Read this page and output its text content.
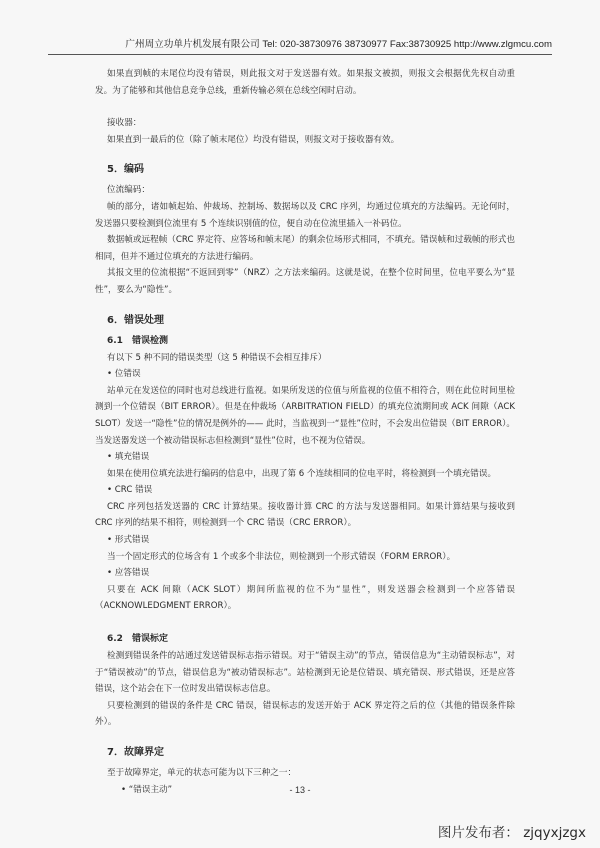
广州周立功单片机发展有限公司 Tel: 020-38730976 38730977 Fax:38730925 http://www.zlgmcu.com

如果直到帧的末尾位均没有错误，则此报文对于发送器有效。如果报文被损，则报文会根据优先权自动重发。为了能够和其他信息竞争总线，重新传输必须在总线空闲时启动。

接收器：

如果直到一最后的位（除了帧末尾位）均没有错误，则报文对于接收器有效。

5．编码

位流编码：

帧的部分，诸如帧起始、仲裁场、控制场、数据场以及 CRC 序列，均通过位填充的方法编码。无论何时，发送器只要检测到位流里有 5 个连续识别值的位，便自动在位流里插入一补码位。

数据帧或远程帧（CRC 界定符、应答场和帧末尾）的剩余位场形式相同，不填充。错误帧和过载帧的形式也相同，但并不通过位填充的方法进行编码。

其报文里的位流根据“不返回到零”（NRZ）之方法来编码。这就是说，在整个位时间里，位电平要么为“显性”，要么为“隐性”。

6．错误处理
6.1　错误检测

有以下 5 种不同的错误类型（这 5 种错误不会相互排斥）

• 位错误

站单元在发送位的同时也对总线进行监视。如果所发送的位值与所监视的位值不相符合，则在此位时间里检测到一个位错误（BIT ERROR）。但是在仲裁场（ARBITRATION FIELD）的填充位流期间或 ACK 间隙（ACK SLOT）发送一“隐性”位的情况是例外的—— 此时，当监视到一“显性”位时，不会发出位错误（BIT ERROR）。当发送器发送一个被动错误标志但检测到“显性”位时，也不视为位错误。

• 填充错误

如果在使用位填充法进行编码的信息中，出现了第 6 个连续相同的位电平时，将检测到一个填充错误。

• CRC 错误

CRC 序列包括发送器的 CRC 计算结果。接收器计算 CRC 的方法与发送器相同。如果计算结果与接收到 CRC 序列的结果不相符，则检测到一个 CRC 错误（CRC ERROR）。

• 形式错误

当一个固定形式的位场含有 1 个或多个非法位，则检测到一个形式错误（FORM ERROR）。

• 应答错误

只要在 ACK 间隙（ACK SLOT）期间所监视的位不为“显性”，则发送器会检测到一个应答错误（ACKNOWLEDGMENT ERROR）。

6.2　错误标定

检测到错误条件的站通过发送错误标志指示错误。对于“错误主动”的节点，错误信息为“主动错误标志”，对于“错误被动”的节点，错误信息为“被动错误标志”。站检测到无论是位错误、填充错误、形式错误，还是应答错误，这个站会在下一位时发出错误标志信息。

只要检测到的错误的条件是 CRC 错误，错误标志的发送开始于 ACK 界定符之后的位（其他的错误条件除外）。

7．故障界定

至于故障界定，单元的状态可能为以下三种之一：

• “错误主动”	- 13 -
图片发布者： zjqyxjzgx
